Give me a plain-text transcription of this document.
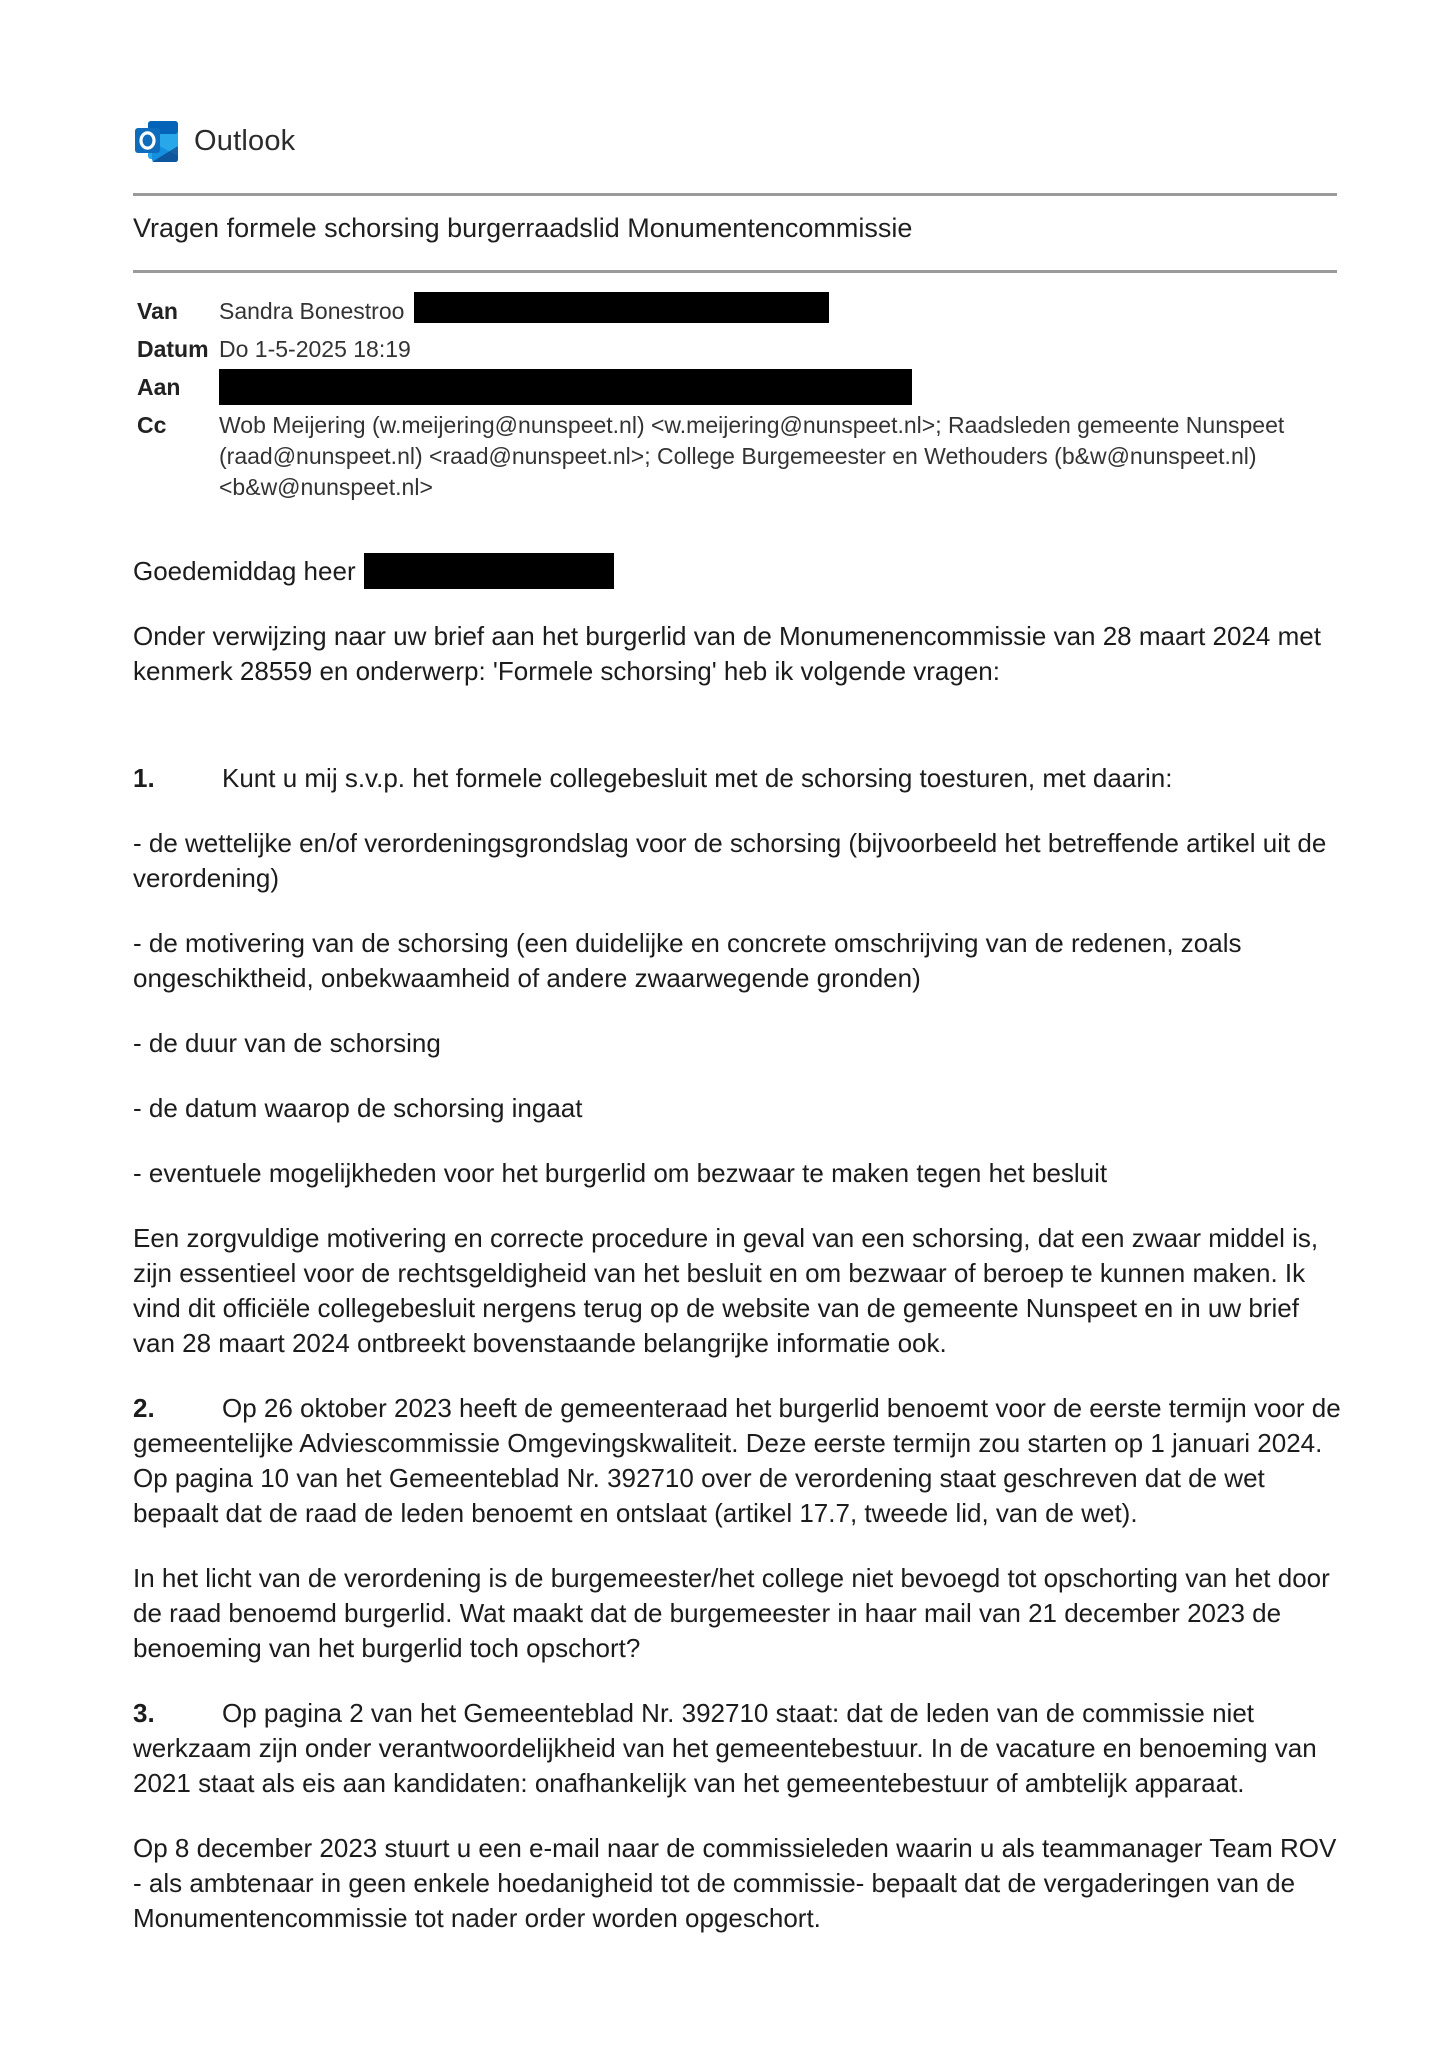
Outlook
Vragen formele schorsing burgerraadslid Monumentencommissie
Van	Sandra Bonestroo
Datum Do 1-5-2025 18:19
Aan
Cc	Wob Meijering (w.meijering@nunspeet.nl) <w.meijering@nunspeet.nl>; Raadsleden gemeente Nunspeet (raad@nunspeet.nl) <raad@nunspeet.nl>; College Burgemeester en Wethouders (b&w@nunspeet.nl) <b&w@nunspeet.nl>

Goedemiddag heer

Onder verwijzing naar uw brief aan het burgerlid van de Monumenencommissie van 28 maart 2024 met kenmerk 28559 en onderwerp: 'Formele schorsing' heb ik volgende vragen:

1.	Kunt u mij s.v.p. het formele collegebesluit met de schorsing toesturen, met daarin:

- de wettelijke en/of verordeningsgrondslag voor de schorsing (bijvoorbeeld het betreffende artikel uit de verordening)

- de motivering van de schorsing (een duidelijke en concrete omschrijving van de redenen, zoals ongeschiktheid, onbekwaamheid of andere zwaarwegende gronden)

- de duur van de schorsing

- de datum waarop de schorsing ingaat

- eventuele mogelijkheden voor het burgerlid om bezwaar te maken tegen het besluit

Een zorgvuldige motivering en correcte procedure in geval van een schorsing, dat een zwaar middel is, zijn essentieel voor de rechtsgeldigheid van het besluit en om bezwaar of beroep te kunnen maken. Ik vind dit officiële collegebesluit nergens terug op de website van de gemeente Nunspeet en in uw brief van 28 maart 2024 ontbreekt bovenstaande belangrijke informatie ook.

2.	Op 26 oktober 2023 heeft de gemeenteraad het burgerlid benoemt voor de eerste termijn voor de gemeentelijke Adviescommissie Omgevingskwaliteit. Deze eerste termijn zou starten op 1 januari 2024. Op pagina 10 van het Gemeenteblad Nr. 392710 over de verordening staat geschreven dat de wet bepaalt dat de raad de leden benoemt en ontslaat (artikel 17.7, tweede lid, van de wet).

In het licht van de verordening is de burgemeester/het college niet bevoegd tot opschorting van het door de raad benoemd burgerlid. Wat maakt dat de burgemeester in haar mail van 21 december 2023 de benoeming van het burgerlid toch opschort?

3.	Op pagina 2 van het Gemeenteblad Nr. 392710 staat: dat de leden van de commissie niet werkzaam zijn onder verantwoordelijkheid van het gemeentebestuur. In de vacature en benoeming van 2021 staat als eis aan kandidaten: onafhankelijk van het gemeentebestuur of ambtelijk apparaat.

Op 8 december 2023 stuurt u een e-mail naar de commissieleden waarin u als teammanager Team ROV - als ambtenaar in geen enkele hoedanigheid tot de commissie- bepaalt dat de vergaderingen van de Monumentencommissie tot nader order worden opgeschort.
